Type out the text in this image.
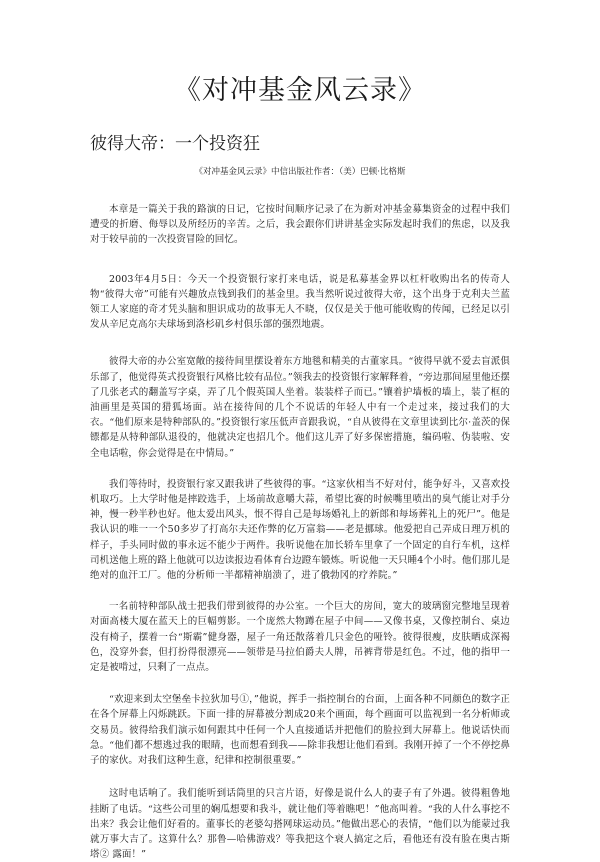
《对冲基金风云录》
彼得大帝：一个投资狂
《对冲基金风云录》中信出版社作者：（美）巴顿·比格斯

本章是一篇关于我的路演的日记，它按时间顺序记录了在为新对冲基金募集资金的过程中我们遭受的折磨、侮辱以及所经历的辛苦。之后，我会跟你们讲讲基金实际发起时我们的焦虑，以及我对于较早前的一次投资冒险的回忆。

2003年4月5日：今天一个投资银行家打来电话，说是私募基金界以杠杆收购出名的传奇人物“彼得大帝”可能有兴趣放点钱到我们的基金里。我当然听说过彼得大帝，这个出身于克利夫兰蓝领工人家庭的奇才凭头脑和胆识成功的故事无人不晓，仅仅是关于他可能收购的传闻，已经足以引发从辛尼克高尔夫球场到洛杉矶乡村俱乐部的强烈地震。

彼得大帝的办公室宽敞的接待间里摆设着东方地毯和精美的古董家具。“彼得早就不爱去盲派俱乐部了，他觉得英式投资银行风格比较有品位。”领我去的投资银行家解释着，“旁边那间屋里他还摆了几张老式的翻盖写字桌，弄了几个假英国人坐着。装装样子而已。”镶着护墙板的墙上，装了框的油画里是英国的猎狐场面。站在接待间的几个不说话的年轻人中有一个走过来，接过我们的大衣。“他们原来是特种部队的。”投资银行家压低声音跟我说，“自从彼得在文章里读到比尔·盖茨的保镖都是从特种部队退役的，他就决定也招几个。他们这儿弄了好多保密措施，编码啦、伪装啦、安全电话啦，你会觉得是在中情局。”

我们等待时，投资银行家又跟我讲了些彼得的事。“这家伙相当不好对付，能争好斗，又喜欢投机取巧。上大学时他是摔跤选手，上场前故意嚼大蒜，希望比赛的时候嘴里喷出的臭气能让对手分神，慢一秒半秒也好。他太爱出风头，恨不得自己是每场婚礼上的新郎和每场葬礼上的死尸”。他是我认识的唯一一个50多岁了打高尔夫还作弊的亿万富翁——老是挪球。他爱把自己弄成日理万机的样子，手头同时做的事永远不能少于两件。我听说他在加长轿车里拿了一个固定的自行车机，这样司机送他上班的路上他就可以边读报边看体育台边蹬车锻炼。听说他一天只睡4个小时。他们那儿是绝对的血汗工厂。他的分析师一半都精神崩溃了，进了俄勃冈的疗养院。”

一名前特种部队战士把我们带到彼得的办公室。一个巨大的房间，宽大的玻璃窗完整地呈现着对面高楼大厦在蓝天上的巨幅剪影。一个庞然大物蹲在屋子中间——又像书桌，又像控制台、桌边没有椅子，摆着一台“斯霸”健身器，屋子一角还散落着几只金色的哑铃。彼得很瘦，皮肤晒成深褐色，没穿外套，但打扮得很漂亮——领带是马拉伯爵夫人牌，吊裤背带是红色。不过，他的指甲一定是被啃过，只剩了一点点。

“欢迎来到太空堡垒卡拉狄加号①，”他说，挥手一指控制台的台面，上面各种不同颜色的数字正在各个屏幕上闪烁跳跃。下面一排的屏幕被分割成20来个画面，每个画面可以监视到一名分析师或交易员。彼得给我们演示如何跟其中任何一个人直接通话并把他们的脸拉到大屏幕上。他说话快而急。“他们都不想逃过我的眼睛，也而想看到我——除非我想让他们看到。我刚开掉了一个不停挖鼻子的家伙。对我们这种生意，纪律和控制很重要。”

这时电话响了。我们能听到话筒里的只言片语，好像是说什么人的妻子有了外遇。彼得粗鲁地挂断了电话。“这些公司里的娴瓜想要和我斗，就让他们等着瞧吧！”他高叫着。“我的人什么事挖不出来？我会让他们好看的。董事长的老婆勾搭网球运动员。”他做出恶心的表情，“他们以为能蒙过我就万事大吉了。这算什么？那鲁—哈佛游戏？等我把这个衰人搞定之后，看他还有没有脸在奥古斯塔② 露面！”
